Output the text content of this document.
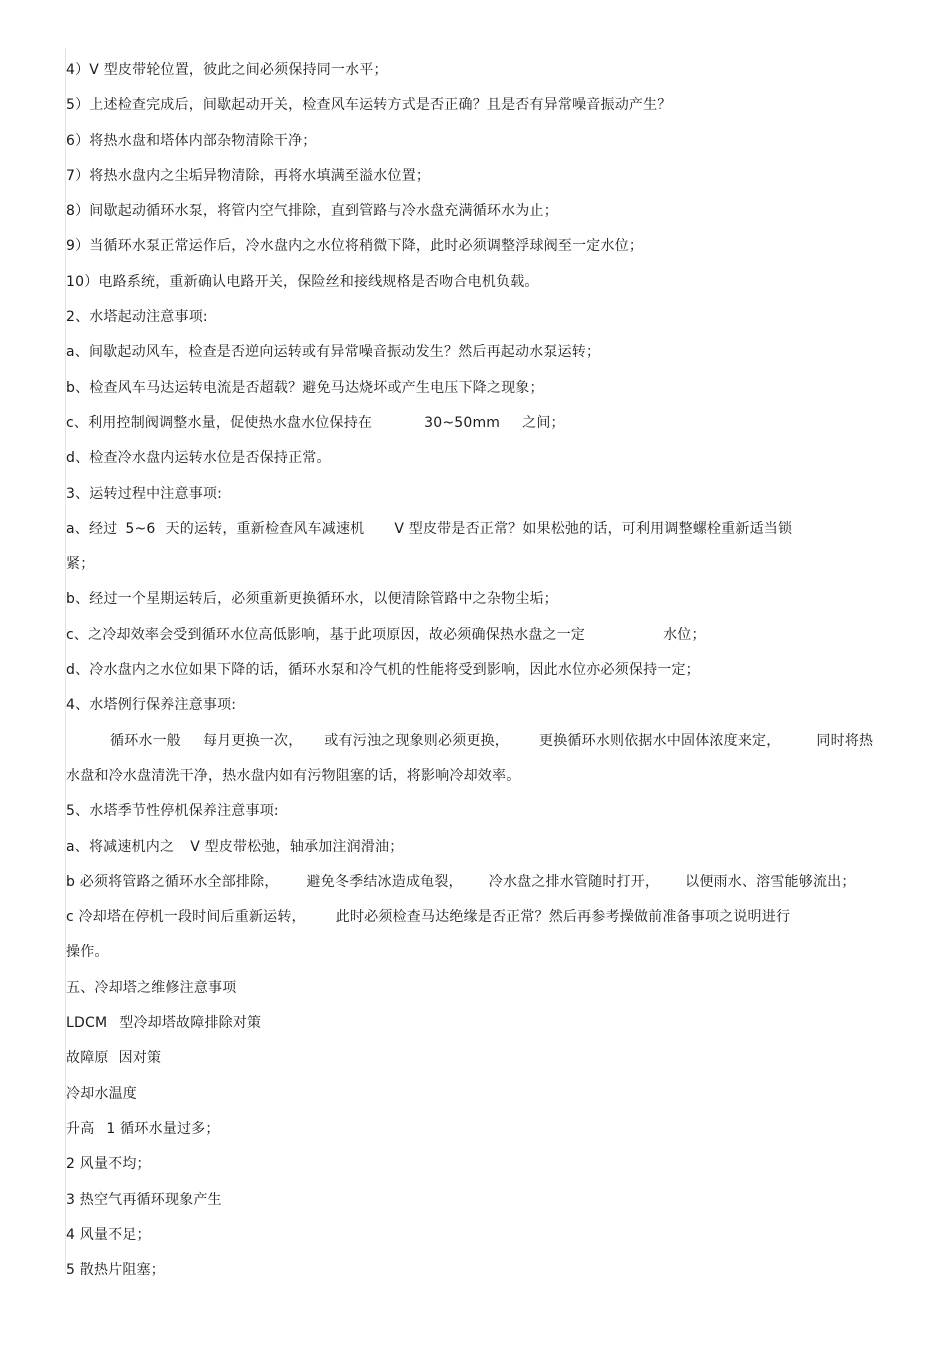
4）V 型皮带轮位置，彼此之间必须保持同一水平；
5）上述检查完成后，间歇起动开关，检查风车运转方式是否正确？且是否有异常噪音振动产生？
6）将热水盘和塔体内部杂物清除干净；
7）将热水盘内之尘垢异物清除，再将水填满至溢水位置；
8）间歇起动循环水泵，将管内空气排除，直到管路与冷水盘充满循环水为止；
9）当循环水泵正常运作后，冷水盘内之水位将稍微下降，此时必须调整浮球阀至一定水位；
10）电路系统，重新确认电路开关，保险丝和接线规格是否吻合电机负载。
2、水塔起动注意事项:
a、间歇起动风车，检查是否逆向运转或有异常噪音振动发生？然后再起动水泵运转；
b、检查风车马达运转电流是否超载？避免马达烧坏或产生电压下降之现象；
c、利用控制阀调整水量，促使热水盘水位保持在	30~50mm 之间；
d、检查冷水盘内运转水位是否保持正常。
3、运转过程中注意事项:
a、经过 5~6 天的运转，重新检查风车减速机 V 型皮带是否正常？如果松弛的话，可利用调整螺栓重新适当锁
紧；
b、经过一个星期运转后，必须重新更换循环水，以便清除管路中之杂物尘垢；
c、之冷却效率会受到循环水位高低影响，基于此项原因，故必须确保热水盘之一定	水位；
d、冷水盘内之水位如果下降的话，循环水泵和冷气机的性能将受到影响，因此水位亦必须保持一定；
4、水塔例行保养注意事项:
循环水一般 每月更换一次， 或有污浊之现象则必须更换， 更换循环水则依据水中固体浓度来定，	同时将热
水盘和冷水盘清洗干净，热水盘内如有污物阻塞的话，将影响冷却效率。
5、水塔季节性停机保养注意事项:
a、将减速机内之 V 型皮带松弛，轴承加注润滑油；
b 必须将管路之循环水全部排除， 避免冬季结冰造成龟裂， 冷水盘之排水管随时打开， 以便雨水、溶雪能够流出；
c 冷却塔在停机一段时间后重新运转， 此时必须检查马达绝缘是否正常？然后再参考操做前准备事项之说明进行
操作。
五、冷却塔之维修注意事项
LDCM 型冷却塔故障排除对策
故障原 因对策
冷却水温度
升高 1 循环水量过多；
2 风量不均；
3 热空气再循环现象产生
4 风量不足；
5 散热片阻塞；
